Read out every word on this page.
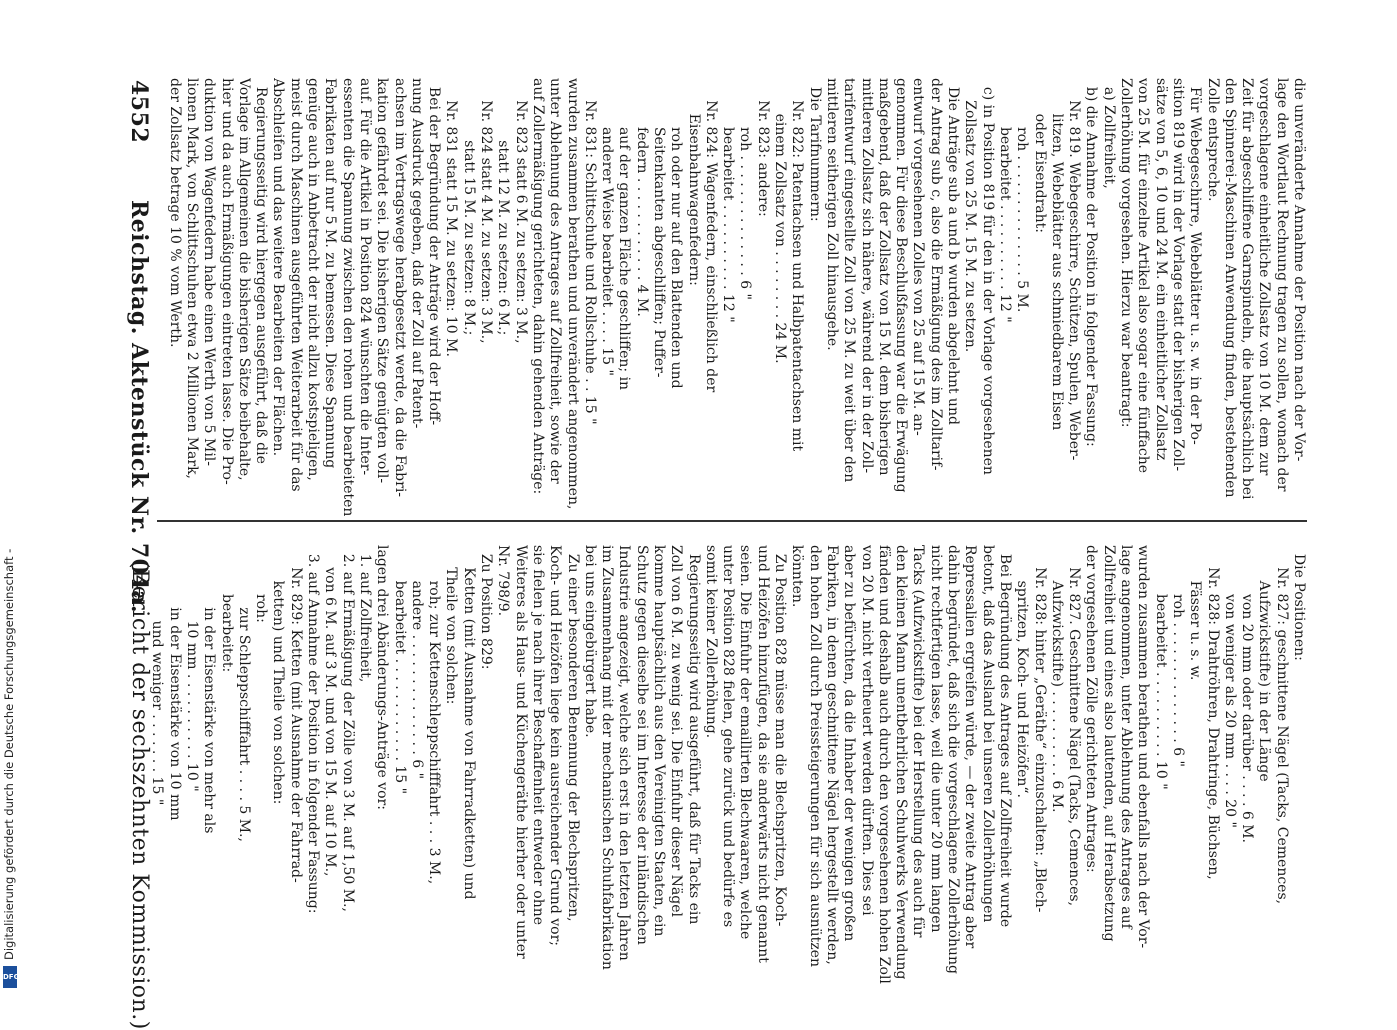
Digitalisierung gefördert durch die Deutsche Forschungsgemeinschaft -
DFG
4552
Reichstag. Aktenstück Nr. 704a.
(Bericht der sechszehnten Kommission.)
die unveränderte Annahme der Position nach der Vor-
lage den Wortlaut Rechnung tragen zu sollen, wonach der
vorgeschlagene einheitliche Zollsatz von 10 M. dem zur
Zeit für abgeschliffene Garnspindeln, die hauptsächlich bei
den Spinnerei-Maschinen Anwendung finden, bestehenden
Zolle entspreche.
Für Webegeschirre, Webeblätter u. s. w. in der Po-
sition 819 wird in der Vorlage statt der bisherigen Zoll-
sätze von 5, 6, 10 und 24 M. ein einheitlicher Zollsatz
von 25 M. für einzelne Artikel also sogar eine fünffache
Zollerhöhung vorgesehen. Hierzu war beantragt:
a) Zollfreiheit,
b) die Annahme der Position in folgender Fassung:
Nr. 819. Webegeschirre, Schützen, Spulen, Weber-
litzen, Webeblätter aus schmiedbarem Eisen
oder Eisendraht:
roh . . . . . . . . . . . . . . 5 M.
bearbeitet . . . . . . . . . . 12 "
c) in Position 819 für den in der Vorlage vorgesehenen
Zollsatz von 25 M. 15 M. zu setzen.
Die Anträge sub a und b wurden abgelehnt und
der Antrag sub c, also die Ermäßigung des im Zolltarif-
entwurf vorgesehenen Zolles von 25 auf 15 M. an-
genommen. Für diese Beschlußfassung war die Erwägung
maßgebend, daß der Zollsatz von 15 M. dem bisherigen
mittleren Zollsatz sich nähere, während der in der Zoll-
tarifentwurf eingestellte Zoll von 25 M. zu weit über den
mittleren seitherigen Zoll hinausgehe.
Die Tarifnummern:
Nr. 822: Patentachsen und Halbpatentachsen mit
einem Zollsatz von . . . . . . . . 24 M.
Nr. 823: andere:
roh . . . . . . . . . . . . . . 6 "
bearbeitet . . . . . . . . . . 12 "
Nr. 824: Wagenfedern, einschließlich der
Eisenbahnwagenfedern:
roh oder nur auf den Blattenden und
Seitenkanten abgeschliffen; Puffer-
federn . . . . . . . . . . . . 4 M.
auf der ganzen Fläche geschliffen; in
anderer Weise bearbeitet . . . . 15 "
Nr. 831: Schlittschuhe und Rollschuhe . . 15 "
wurden zusammen berathen und unverändert angenommen,
unter Ablehnung des Antrages auf Zollfreiheit, sowie der
auf Zollermäßigung gerichteten, dahin gehenden Anträge:
Nr. 823 statt 6 M. zu setzen: 3 M.,
statt 12 M. zu setzen: 6 M.;
Nr. 824 statt 4 M. zu setzen: 3 M.,
statt 15 M. zu setzen: 8 M.;
Nr. 831 statt 15 M. zu setzen: 10 M.
Bei der Begründung der Anträge wird der Hoff-
nung Ausdruck gegeben, daß der Zoll auf Patent-
achsen im Vertragswege herabgesetzt werde, da die Fabri-
kation gefährdet sei. Die bisherigen Sätze genügten voll-
auf. Für die Artikel in Position 824 wünschten die Inter-
essenten die Spannung zwischen den rohen und bearbeiteten
Fabrikaten auf nur 5 M. zu bemessen. Diese Spannung
genüge auch in Anbetracht der nicht allzu kostspieligen,
meist durch Maschinen ausgeführten Weiterarbeit für das
Abschleifen und das weitere Bearbeiten der Flächen.
Regierungsseitig wird hiergegen ausgeführt, daß die
Vorlage im Allgemeinen die bisherigen Sätze beibehalte,
hier und da auch Ermäßigungen eintreten lasse. Die Pro-
duktion von Wagenfedern habe einen Werth von 5 Mil-
lionen Mark, von Schlittschuhen etwa 2 Millionen Mark,
der Zollsatz betrage 10 % vom Werth.
Die Positionen:
Nr. 827: geschnittene Nägel (Tacks, Cemences,
Aufzwickstifte) in der Länge
von 20 mm oder darüber . . . . 6 M.
von weniger als 20 mm . . . . 20 "
Nr. 828: Drahtröhren, Drahtringe, Büchsen,
Fässer u. s. w.
roh . . . . . . . . . . . . . . 6 "
bearbeitet . . . . . . . . . . 10 "
wurden zusammen berathen und ebenfalls nach der Vor-
lage angenommen, unter Ablehnung des Antrages auf
Zollfreiheit und eines also lautenden, auf Herabsetzung
der vorgesehenen Zölle gerichteten Antrages:
Nr. 827. Geschnittene Nägel (Tacks, Cemences,
Aufzwickstifte) . . . . . . . . . . 6 M.
Nr. 828: hinter „Geräthe“ einzuschalten: „Blech-
spritzen, Koch- und Heizöfen“.
Bei Begründung des Antrages auf Zollfreiheit wurde
betont, daß das Ausland bei unseren Zollerhöhungen
Repressalien ergreifen würde, — der zweite Antrag aber
dahin begründet, daß sich die vorgeschlagene Zollerhöhung
nicht rechtfertigen lasse, weil die unter 20 mm langen
Tacks (Aufzwickstifte) bei der Herstellung des auch für
den kleinen Mann unentbehrlichen Schuhwerks Verwendung
fänden und deshalb auch durch den vorgesehenen hohen Zoll
von 20 M. nicht vertheuert werden dürften. Dies sei
aber zu befürchten, da die Inhaber der wenigen großen
Fabriken, in denen geschnittene Nägel hergestellt werden,
den hohen Zoll durch Preissteigerungen für sich ausnützen
könnten.
Zu Position 828 müsse man die Blechspritzen, Koch-
und Heizöfen hinzufügen, da sie anderwärts nicht genannt
seien. Die Einfuhr der emaillirten Blechwaaren, welche
unter Position 828 fielen, gehe zurück und bedürfe es
somit keiner Zollerhöhung.
Regierungsseitig wird ausgeführt, daß für Tacks ein
Zoll von 6 M. zu wenig sei. Die Einfuhr dieser Nägel
komme hauptsächlich aus den Vereinigten Staaten, ein
Schutz gegen dieselbe sei im Interesse der inländischen
Industrie angezeigt, welche sich erst in den letzten Jahren
im Zusammenhang mit der mechanischen Schuhfabrikation
bei uns eingebürgert habe.
Zu einer besonderen Benennung der Blechspritzen,
Koch- und Heizöfen liege kein ausreichender Grund vor;
sie fielen je nach ihrer Beschaffenheit entweder ohne
Weiteres als Haus- und Küchengeräthe hierher oder unter
Nr. 798/9.
Zu Position 829:
Ketten (mit Ausnahme von Fahrradketten) und
Theile von solchen:
roh; zur Kettenschleppschifffahrt . . . 3 M.,
andere . . . . . . . . . . . . . . 6 "
bearbeitet . . . . . . . . . . . . 15 "
lagen drei Abänderungs-Anträge vor:
1. auf Zollfreiheit,
2. auf Ermäßigung der Zölle von 3 M. auf 1,50 M.,
von 6 M. auf 3 M. und von 15 M. auf 10 M.,
3. auf Annahme der Position in folgender Fassung:
Nr. 829: Ketten (mit Ausnahme der Fahrrad-
ketten) und Theile von solchen:
roh:
zur Schleppschifffahrt . . . . 5 M.,
bearbeitet:
in der Eisenstärke von mehr als
10 mm . . . . . . . . . . 10 "
in der Eisenstärke von 10 mm
und weniger . . . . . . . 15 "
